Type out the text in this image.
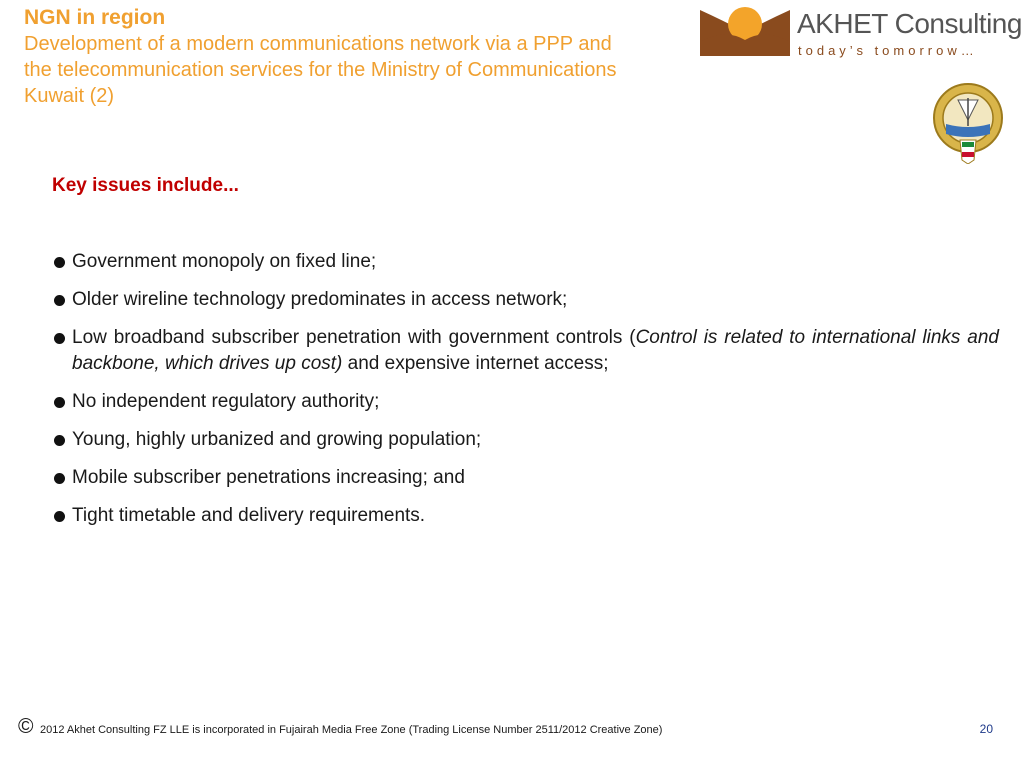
NGN in region
Development of a modern communications network via a PPP and
the telecommunication services for the Ministry of Communications
Kuwait (2)
AKHET Consulting
today’s tomorrow…
Key issues include...
Government monopoly on fixed line;
Older wireline technology predominates in access network;
Low broadband subscriber penetration with government controls (Control is related to international links and backbone, which drives up cost) and expensive internet access;
No independent regulatory authority;
Young, highly urbanized and growing population;
Mobile subscriber penetrations increasing; and
Tight timetable and delivery requirements.
© 2012 Akhet Consulting FZ LLE is incorporated in Fujairah Media Free Zone (Trading License Number 2511/2012 Creative Zone)	20
